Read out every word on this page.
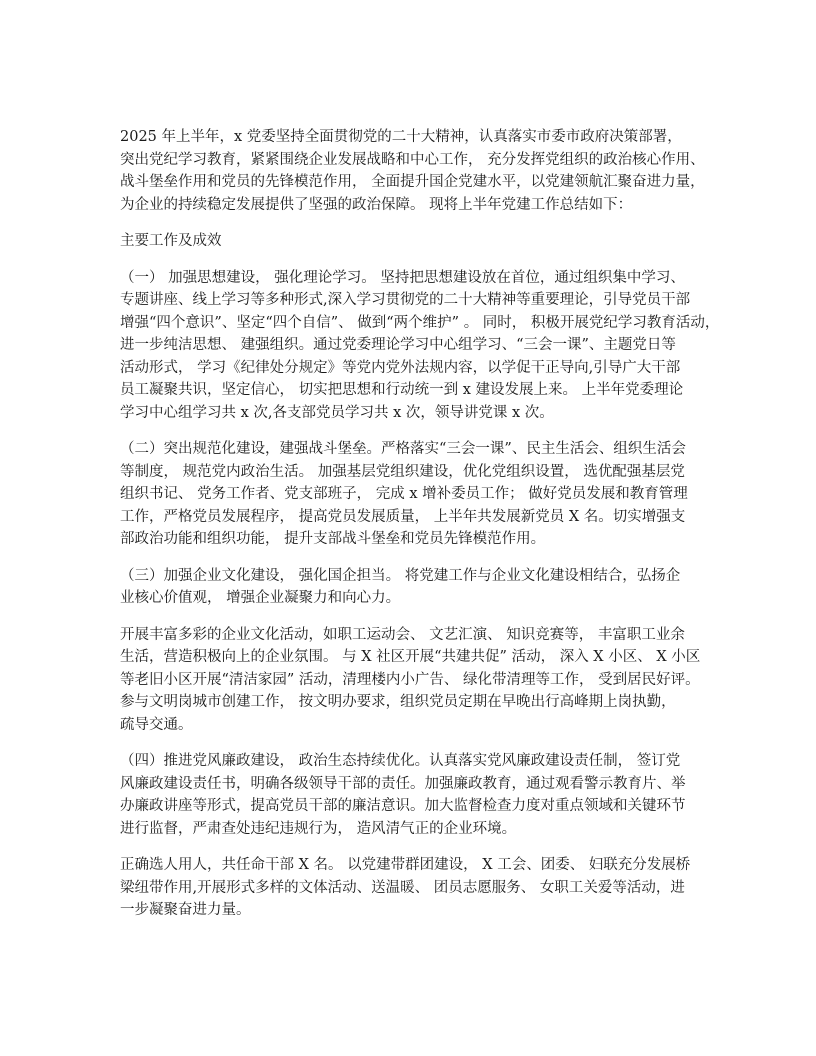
2025 年上半年，x 党委坚持全面贯彻党的二十大精神，认真落实市委市政府决策部署，
突出党纪学习教育，紧紧围绕企业发展战略和中心工作， 充分发挥党组织的政治核心作用、
战斗堡垒作用和党员的先锋模范作用， 全面提升国企党建水平，以党建领航汇聚奋进力量，
为企业的持续稳定发展提供了坚强的政治保障。 现将上半年党建工作总结如下：

主要工作及成效

（一） 加强思想建设， 强化理论学习。 坚持把思想建设放在首位，通过组织集中学习、
专题讲座、线上学习等多种形式,深入学习贯彻党的二十大精神等重要理论，引导党员干部
增强“四个意识”、坚定“四个自信”、 做到“两个维护” 。 同时， 积极开展党纪学习教育活动，
进一步纯洁思想、 建强组织。通过党委理论学习中心组学习、“三会一课”、主题党日等
活动形式， 学习《纪律处分规定》等党内党外法规内容，以学促干正导向,引导广大干部
员工凝聚共识，坚定信心， 切实把思想和行动统一到 x 建设发展上来。 上半年党委理论
学习中心组学习共 x 次,各支部党员学习共 x 次，领导讲党课 x 次。

（二）突出规范化建设，建强战斗堡垒。严格落实“三会一课”、民主生活会、组织生活会
等制度， 规范党内政治生活。 加强基层党组织建设，优化党组织设置， 选优配强基层党
组织书记、 党务工作者、党支部班子， 完成 x 增补委员工作； 做好党员发展和教育管理
工作，严格党员发展程序， 提高党员发展质量， 上半年共发展新党员 X 名。切实增强支
部政治功能和组织功能， 提升支部战斗堡垒和党员先锋模范作用。

（三）加强企业文化建设， 强化国企担当。 将党建工作与企业文化建设相结合，弘扬企
业核心价值观， 增强企业凝聚力和向心力。

开展丰富多彩的企业文化活动，如职工运动会、 文艺汇演、 知识竞赛等， 丰富职工业余
生活，营造积极向上的企业氛围。 与 X 社区开展“共建共促” 活动， 深入 X 小区、 X 小区
等老旧小区开展“清洁家园” 活动，清理楼内小广告、 绿化带清理等工作， 受到居民好评。
参与文明岗城市创建工作， 按文明办要求，组织党员定期在早晚出行高峰期上岗执勤，
疏导交通。

（四）推进党风廉政建设， 政治生态持续优化。认真落实党风廉政建设责任制， 签订党
风廉政建设责任书，明确各级领导干部的责任。加强廉政教育，通过观看警示教育片、举
办廉政讲座等形式，提高党员干部的廉洁意识。加大监督检查力度对重点领域和关键环节
进行监督，严肃查处违纪违规行为， 造风清气正的企业环境。

正确选人用人，共任命干部 X 名。 以党建带群团建设， X 工会、团委、 妇联充分发展桥
梁纽带作用,开展形式多样的文体活动、送温暖、 团员志愿服务、 女职工关爱等活动，进
一步凝聚奋进力量。
